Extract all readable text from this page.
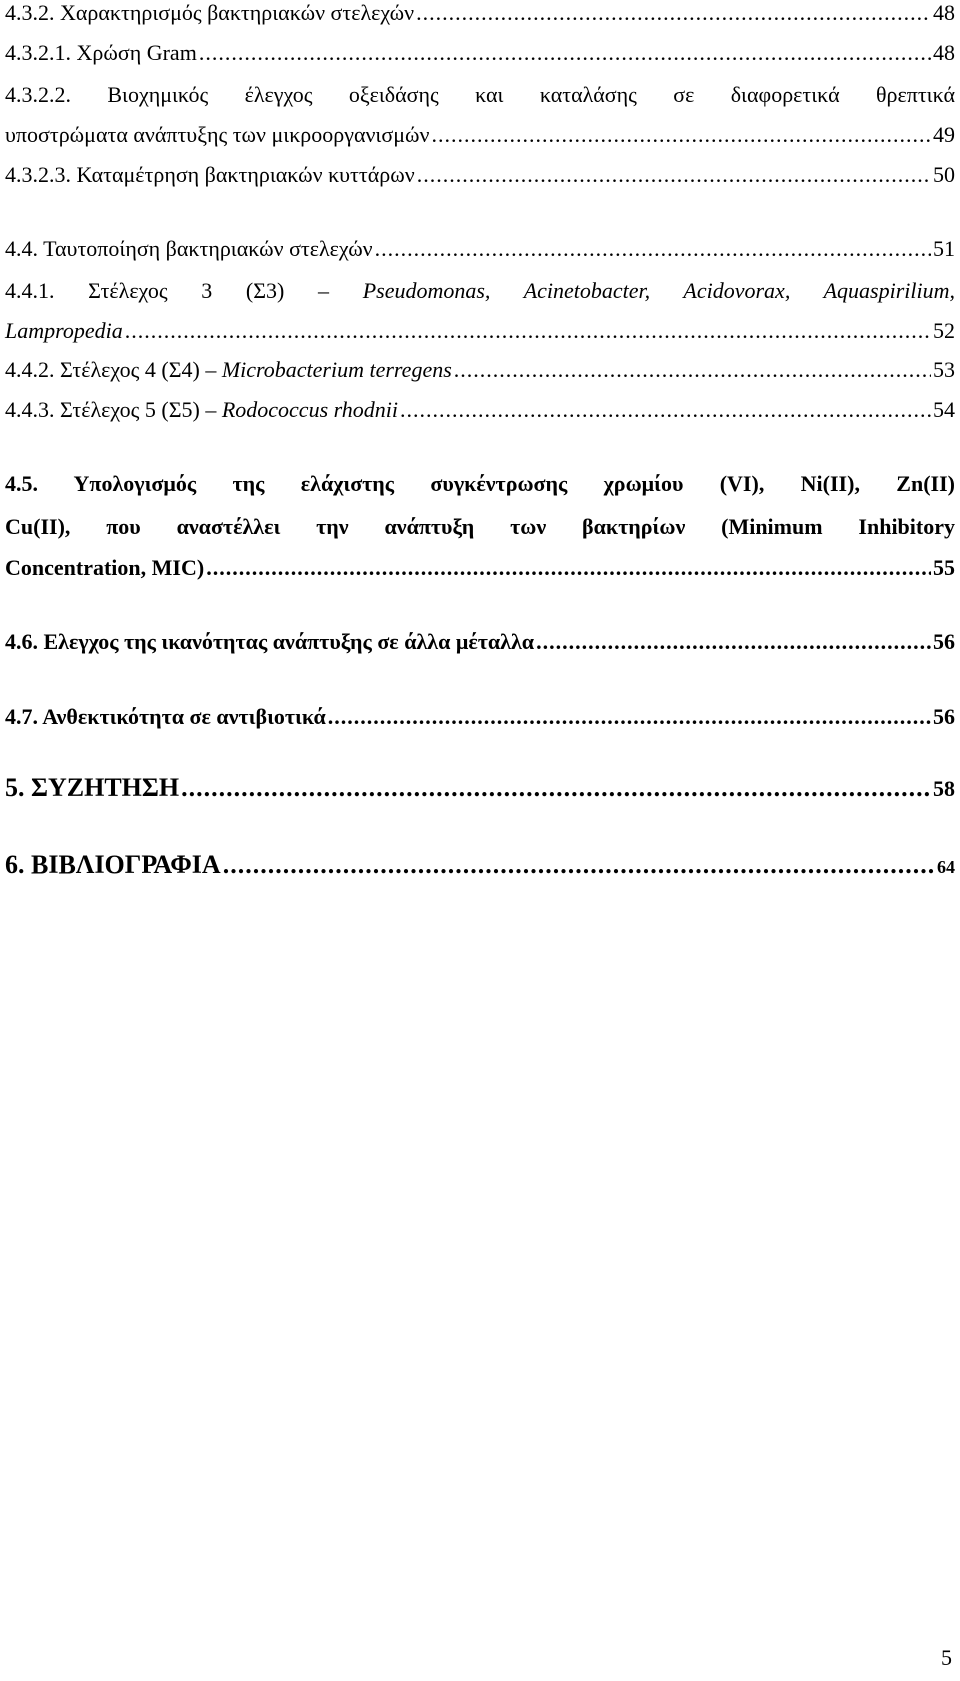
4.3.2. Χαρακτηρισμός βακτηριακών στελεχών .....	48
4.3.2.1. Χρώση Gram .....	48
4.3.2.2. Βιοχημικός έλεγχος οξειδάσης και καταλάσης σε διαφορετικά θρεπτικά
υποστρώματα ανάπτυξης των μικροοργανισμών .....	49
4.3.2.3. Καταμέτρηση βακτηριακών κυττάρων .....	50
4.4. Ταυτοποίηση βακτηριακών στελεχών .....	51
4.4.1. Στέλεχος 3 (Σ3) – Pseudomonas, Acinetobacter, Acidovorax, Aquaspirilium,
Lampropedia .....	52
4.4.2. Στέλεχος 4 (Σ4) – Microbacterium terregens .....	53
4.4.3. Στέλεχος 5 (Σ5) – Rodococcus rhodnii .....	54
4.5. Υπολογισμός της ελάχιστης συγκέντρωσης χρωμίου (VI), Ni(II), Zn(II)
Cu(II), που αναστέλλει την ανάπτυξη των βακτηρίων (Minimum Inhibitory
Concentration, MIC) .....	55
4.6. Ελεγχος της ικανότητας ανάπτυξης σε άλλα μέταλλα .....	56
4.7. Ανθεκτικότητα σε αντιβιοτικά .....	56
5. ΣΥΖΗΤΗΣΗ .....	58
6. ΒΙΒΛΙΟΓΡΑΦΙΑ .....	64
5
